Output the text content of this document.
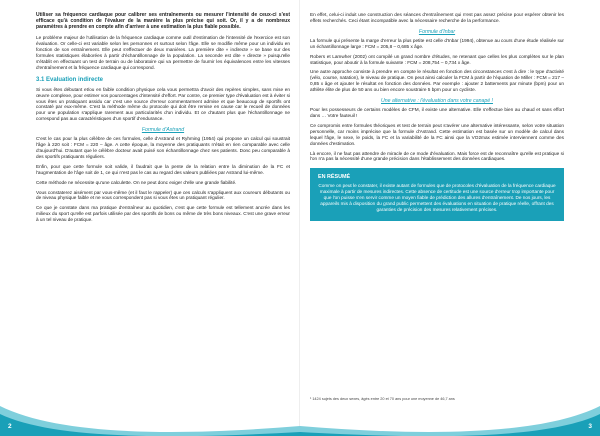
Utiliser sa fréquence cardiaque pour calibrer ses entraînements ou mesurer l'intensité de ceux-ci s'est efficace qu'à condition de l'évaluer de la manière la plus précise qui soit. Or, il y a de nombreux paramètres à prendre en compte afin d'arriver à une estimation la plus fiable possible.

Le problème majeur de l'utilisation de la fréquence cardiaque comme outil d'estimation de l'intensité de l'exercice est son évaluation. Or celle-ci est variable selon les personnes et surtout selon l'âge. Elle se modifie même pour un individu en fonction de son entraînement. Elle peut s'effectuer de deux manières. La première dite « indirecte » se base sur des formules statistiques élaborées à partir d'échantillonnage de la population. La seconde est dite « directe » puisqu'elle s'établit en effectuant un test de terrain ou de laboratoire qui va permettre de fournir les équivalences entre les vitesses d'entraînement et la fréquence cardiaque qui correspond.

3.1 Evaluation indirecte

Si vous êtes débutant et/ou en faible condition physique cela vous permettra d'avoir des repères simples, sans mise en œuvre complexe, pour estimer vos pourcentages d'intensité d'effort. Par contre, ce premier type d'évaluation est à éviter si vous êtes un pratiquant assidu car c'est une source d'erreur commentarment admise et que beaucoup de sportifs ont constaté par eux-même. C'est la méthode même du protocole qui doit être remise en cause car le recueil de données pour une population s'applique rarement aux particularités d'un individu. Et ce d'autant plus que l'échantillonnage ne correspond pas aux caractéristiques d'un sportif d'endurance.

Formule d'Astrand

C'est le cas pour la plus célèbre de ces formules, celle d'Astrand et Ryhming (1954) qui propose un calcul qui soustrait l'âge à 220 soit : FCM = 220 – âge. A cette époque, la moyenne des pratiquants n'était en rien comparable avec celle d'aujourd'hui. D'autant que le célèbre docteur avait puisé son échantillonnage chez ses patients. Donc peu comparable à des sportifs pratiquants réguliers.

Enfin, pour que cette formule soit valide, il faudrait que la pente de la relation entre la diminution de la FC et l'augmentation de l'âge soit de 1, ce qui n'est pas le cas au regard des valeurs publiées par Astrand lui-même.

Cette méthode ne nécessite qu'une calculette. On ne peut donc exiger d'elle une grande fiabilité.

Vous constaterez aisément par vous-même (et il faut le rappeler) que ces calculs s'appliquent aux coureurs débutants ou de niveau physique faible et ne vous correspondent pas si vous êtes un pratiquant régulier.

Ce que je constate dans ma pratique d'entraîneur au quotidien, c'est que cette formule est tellement ancrée dans les milieux du sport qu'elle est parfois utilisée par des sportifs de bons ou même de très bons niveaux. C'est une grave erreur à un tel niveau de pratique.

En effet, celui-ci induit une construction des séances d'entraînement qui n'est pas assez précise pour espérer obtenir les effets recherchés. Ceci étant incompatible avec la nécessaire recherche de la performance.

Formule d'Inbar

La formule qui présente la marge d'erreur la plus petite est celle d'Inbar (1994), obtenue au cours d'une étude réalisée sur un échantillonnage large : FCM = 205,8 – 0,685 x âge.

Robers et Lamwher (2002) ont compilé un grand nombre d'études, ne retenant que celles les plus complètes sur le plan statistique, pour aboutir à la formule suivante : FCM = 208,754 – 0,734 x âge.

Une autre approche consiste à prendre en compte le résultat en fonction des circonstances c'est à dire : le type d'activité (vélo, course, natation), le niveau de pratique. On peut ainsi calculer la FCM à partir de l'équation de Miller : FCM = 217 – 0,85 x âge et ajouter le résultat en fonction des données. Par exemple : ajouter 2 battements par minute (bpm) pour un athlète élite de plus de 50 ans ou bien encore soustraire 5 bpm pour un cycliste.

Une alternative : l'évaluation dans votre canapé !

Pour les possesseurs de certains modèles de CFM, il existe une alternative. Elle s'effectue bien au chaud et sans effort dans … Votre fauteuil !

Ce compromis entre formules théoriques et test de terrain peut s'avérer une alternative intéressante, selon votre situation personnelle, car moins imprécise que la formule d'Astrand. Cette estimation est basée sur un modèle de calcul dans lequel l'âge, le sexe, le poids, la FC et la variabilité de la FC ainsi que la VO2max estimée interviennent comme des données d'estimation.

Là encore, il ne faut pas attendre de miracle de ce mode d'évaluation. Mais force est de reconnaître qu'elle est pratique si l'on n'a pas la nécessité d'une grande précision dans l'établissement des données cardiaques.

EN RÉSUMÉ

Comme on peut le constater, il existe autant de formules que de protocoles d'évaluation de la fréquence cardiaque maximale à partir de mesures indirectes. Cette absence de certitude est une source d'erreur trop importante pour que l'on puisse s'en servir comme un moyen fiable de prédiction des allures d'entraînement. De nos jours, les appareils mis à disposition du grand public permettent des évaluations en situation de pratique réelle, offrant des garanties de précision des mesures relativement précises.

¹ 1424 sujets des deux sexes, âgés entre 20 et 70 ans pour une moyenne de 46,7 ans
2	3
